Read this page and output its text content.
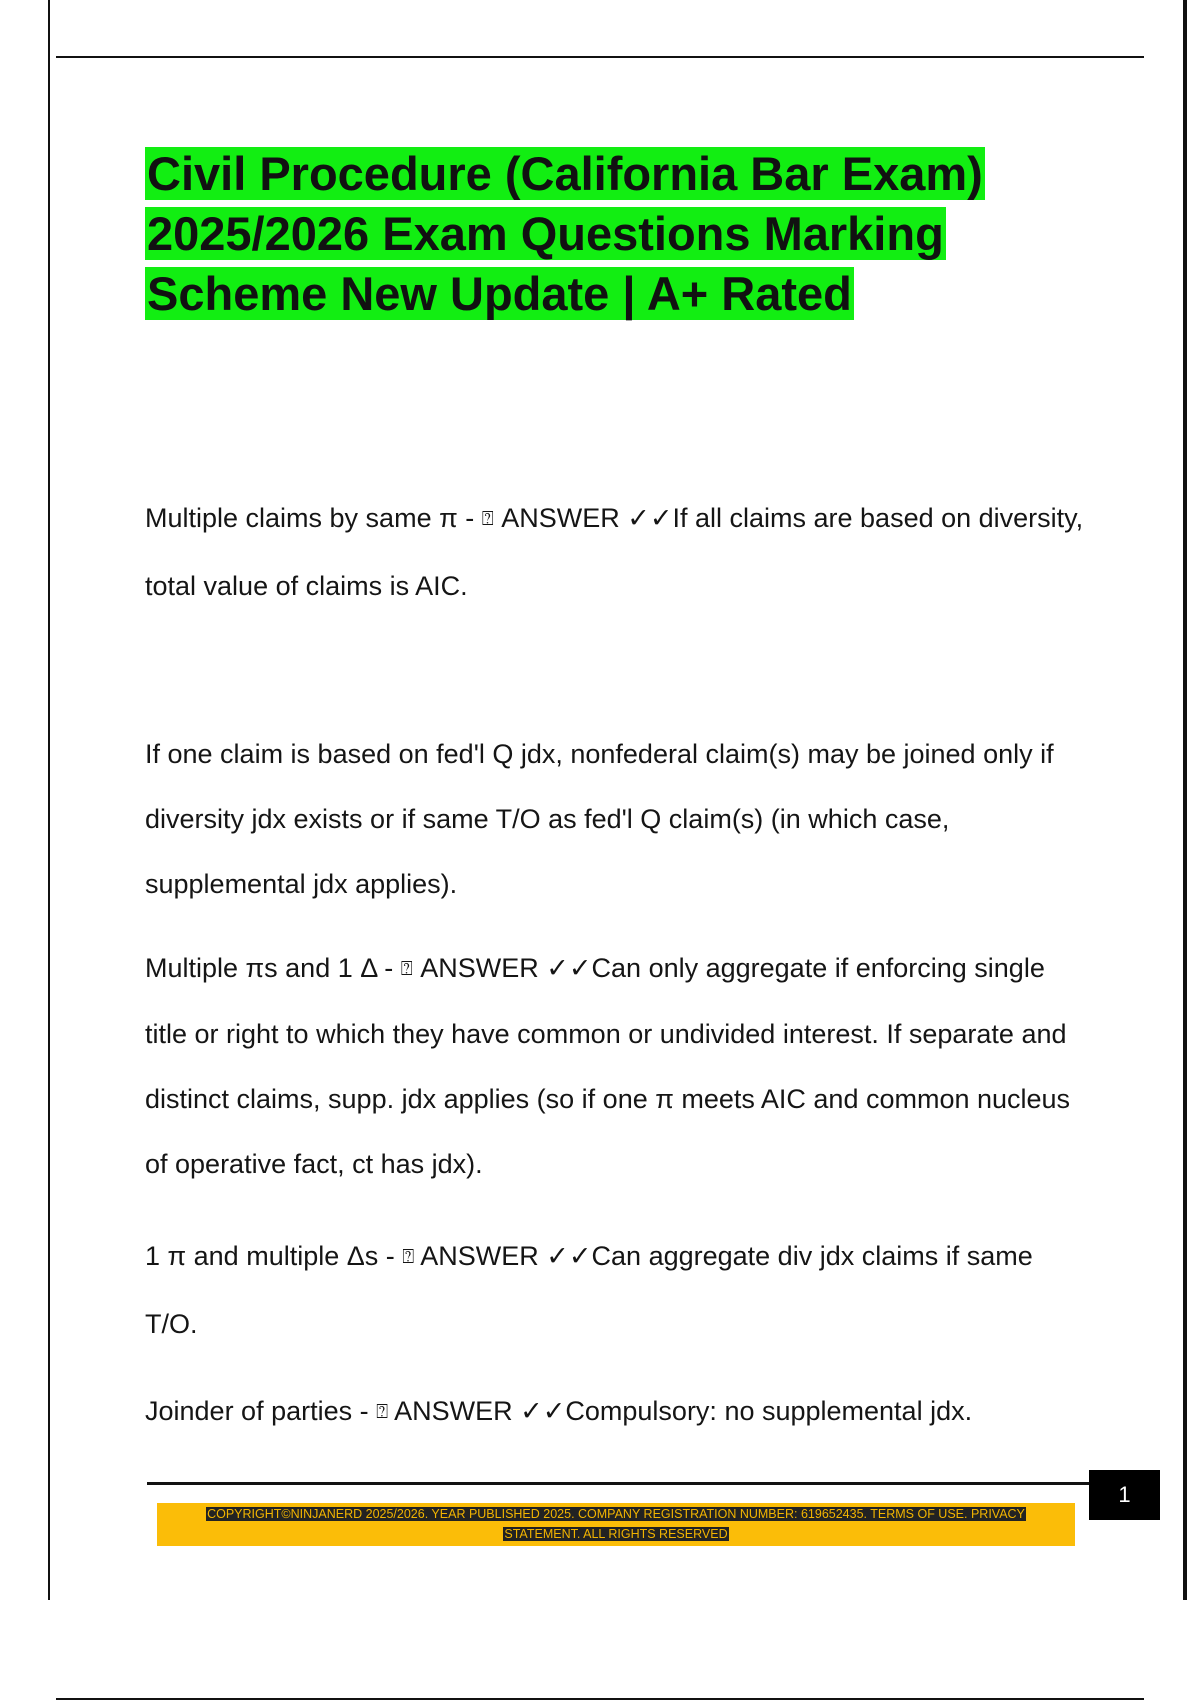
Civil Procedure (California Bar Exam)
2025/2026 Exam Questions Marking
Scheme New Update | A+ Rated

Multiple claims by same π - ⍰ ANSWER ✓✓If all claims are based on diversity, total value of claims is AIC.

If one claim is based on fed'l Q jdx, nonfederal claim(s) may be joined only if diversity jdx exists or if same T/O as fed'l Q claim(s) (in which case, supplemental jdx applies).

Multiple πs and 1 Δ - ⍰ ANSWER ✓✓Can only aggregate if enforcing single title or right to which they have common or undivided interest. If separate and distinct claims, supp. jdx applies (so if one π meets AIC and common nucleus of operative fact, ct has jdx).

1 π and multiple Δs - ⍰ ANSWER ✓✓Can aggregate div jdx claims if same T/O.

Joinder of parties - ⍰ ANSWER ✓✓Compulsory: no supplemental jdx.

1
COPYRIGHT©NINJANERD 2025/2026. YEAR PUBLISHED 2025. COMPANY REGISTRATION NUMBER: 619652435. TERMS OF USE. PRIVACY
STATEMENT. ALL RIGHTS RESERVED
